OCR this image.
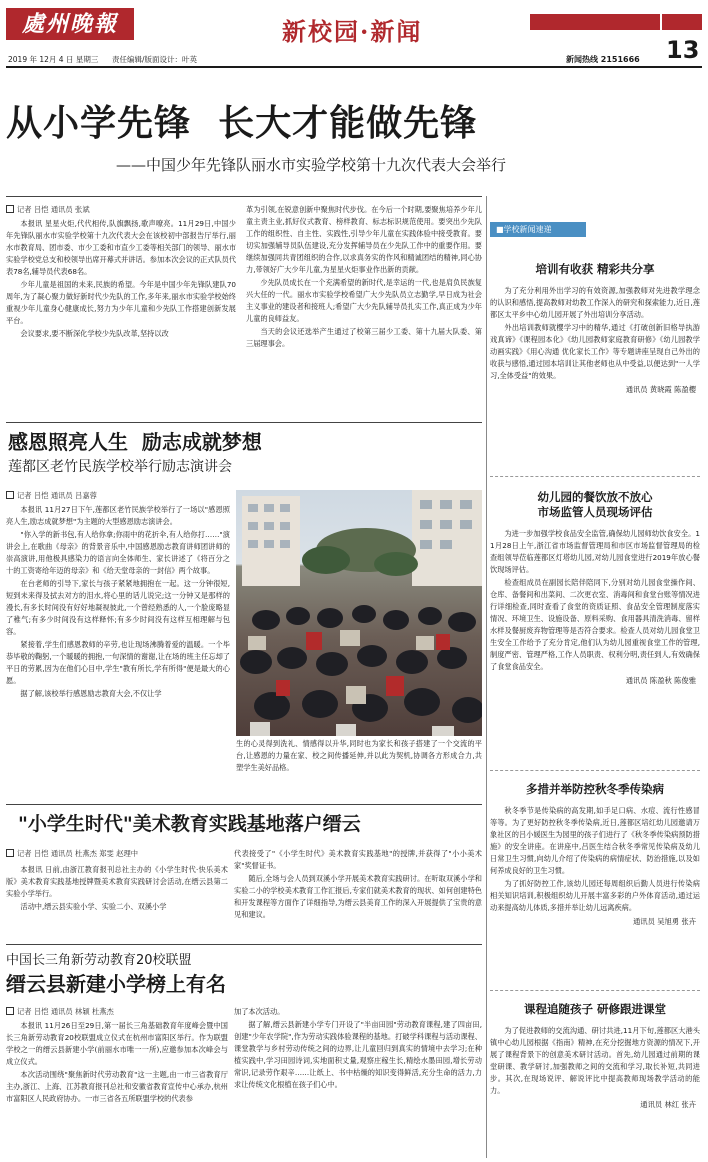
處州晚報	新校园·新闻
13
2019 年 12月 4 日 星期三 责任编辑/版面设计：叶英	新闻热线 2151666
从小学先锋  长大才能做先锋
——中国少年先锋队丽水市实验学校第十九次代表大会举行
记者 吕恺 通讯员 张斌

本报讯 星星火炬,代代相传,队旗飘扬,歌声嘹亮。11月29日,中国少年先锋队丽水市实验学校第十九次代表大会在该校初中部报告厅举行,丽水市教育局、团市委、市少工委和市直少工委等相关部门的领导、丽水市实验学校党总支和校领导出席开幕式并讲话。参加本次会议的正式队员代表78名,辅导员代表68名。

少年儿童是祖国的未来,民族的希望。今年是中国少年先锋队建队70周年,为了凝心聚力做好新时代少先队的工作,多年来,丽水市实验学校始终重视少年儿童身心健康成长,努力为少年儿童和少先队工作搭建创新发展平台。

会议要求,要不断深化学校少先队改革,坚持以改

革为引领,在锐意创新中聚焦时代步伐。在今后一个时期,要聚焦培养少年儿童主责主业,抓好仪式教育、榜样教育、标志标识规范使用。要突出少先队工作的组织性、自主性、实践性,引导少年儿童在实践体验中接受教育。要切实加强辅导员队伍建设,充分发挥辅导员在少先队工作中的重要作用。要继续加强同共青团组织的合作,以求真务实的作风和精诚团结的精神,同心协力,带领好广大少年儿童,为星星火炬事业作出新的贡献。

少先队员成长在一个充满希望的新时代,是幸运的一代,也是肩负民族复兴大任的一代。丽水市实验学校希望广大少先队员立志勤学,早日成为社会主义事业的建设者和接班人;希望广大少先队辅导员扎实工作,真正成为少年儿童的良师益友。

当天的会议还选举产生通过了校第三届少工委、第十九届大队委、第三届理事会。

感恩照亮人生  励志成就梦想
莲都区老竹民族学校举行励志演讲会
记者 吕恺 通讯员 吕嘉蓉

本报讯 11月27日下午,莲都区老竹民族学校举行了一场以"感恩照亮人生,励志成就梦想"为主题的大型感恩励志演讲会。

"你入学的新书包,有人给你拿;你雨中的花折伞,有人给你打……"演讲会上,在歌曲《母亲》的背景音乐中,中国感恩励志教育讲师团讲师的崇高演讲,用他极具感染力的语言向全体师生、家长讲述了《将百分之十的工资寄给年迈的母亲》和《给天堂母亲的一封信》两个故事。

在台老师的引导下,家长与孩子紧紧地拥抱在一起。这一分钟很短,短到未来得及拭去对方的泪水,将心里的话儿说完;这一分钟又是那样的漫长,有多长时间没有好好地凝视彼此,一个曾经熟悉的人,一个脸庞略显了稚气;有多少时间没有这样释怀;有多少时间没有这样互相理解与包容。

紧接着,学生们感恩教师的辛劳,也让现场沸腾着爱的温暖。一个毕恭毕敬的鞠躬,一个暖暖的拥抱,一句深情的谢谢,让在场的班主任忘却了平日的劳累,因为在他们心目中,学生"教有所长,学有所得"便是最大的心愿。

据了解,该校举行感恩励志教育大会,不仅让学

生的心灵得到洗礼、情感得以升华,同时也为家长和孩子搭建了一个交流的平台,让感恩的力量在家、校之间传播延伸,并以此为契机,协调各方形成合力,共塑学生美好品格。

"小学生时代"美术教育实践基地落户缙云
记者 吕恺 通讯员 杜燕杰 郑雯 赵理中

本报讯 日前,由浙江教育报刊总社主办的《小学生时代·快乐美术版》美术教育实践基地授牌暨美术教育实践研讨会活动,在缙云县第二实验小学举行。

活动中,缙云县实验小学、实验二小、双溪小学

代表接受了"《小学生时代》美术教育实践基地"的授牌,并获得了"小小美术家"奖督证书。

随后,全场与会人员到双溪小学开展美术教育实践研讨。在听取双溪小学和实验二小的学校美术教育工作汇报后,专家们就美术教育的现状、如何创建特色和开发课程等方面作了详细指导,为缙云县美育工作的深入开展提供了宝贵的意见和建议。

中国长三角新劳动教育20校联盟
缙云县新建小学榜上有名
记者 吕恺 通讯员 林颖 杜燕杰

本报讯 11月26日至29日,第一届长三角基础教育年度峰会暨中国长三角新劳动教育20校联盟成立仪式在杭州市富阳区举行。作为联盟学校之一的缙云县新建小学(前丽水市唯一一所),应邀参加本次峰会与成立仪式。

本次活动围绕"聚焦新时代劳动教育"这一主题,由一市三省教育厅主办,浙江、上海、江苏教育报刊总社和安徽省教育宣传中心承办,杭州市富阳区人民政府协办。一市三省各五所联盟学校的代表参

加了本次活动。

据了解,缙云县新建小学专门开设了"半亩田园"劳动教育课程,建了四亩田,创建"少年农学院",作为劳动实践体验课程的基地。打破学科课程与活动课程、课堂教学与乡村劳动传统之间的边界,让儿童回归到真实的情境中去学习;在种植实践中,学习田园诗词,实地面积丈量,观察庄稼生长,精绘水墨田园,增长劳动常识,记录劳作艰辛……让纸上、书中枯燥的知识变得鲜活,充分生命的活力,力求让传统文化根植在孩子们心中。

■学校新闻速递
培训有收获 精彩共分享

为了充分利用外出学习的有效资源,加强教师对先进教学理念的认识和感悟,提高教师对幼教工作深入的研究和探索能力,近日,莲都区太平乡中心幼儿园开展了外出培训分享活动。

外出培训教师就樱学习中的精华,通过《打破创新旧格导执游戏真谛》《课程园本化》《幼儿园教师家庭教育研修》《幼儿园教学动画实践》《用心沟通 优化家长工作》等专题讲座呈现自己外出的收获与感悟,通过园本培训让其他老师也从中受益,以便达到"一人学习,全体受益"的效果。

通讯员 黄晓霞 陈盈樱
幼儿园的餐饮放不放心
市场监管人员现场评估

为进一步加强学校食品安全监管,确保幼儿园师幼饮食安全。11月28日上午,浙江省市场监督管理局和市区市场监督管理局的检查组领导莅临莲都区灯塔幼儿园,对幼儿园食堂进行2019年放心餐饮现场评估。

检查组成员在副园长陪伴陪同下,分别对幼儿园食堂操作间、仓库、备餐间和出菜间、二次更衣室、消毒间和食堂台账等情况进行详细检查,同时查看了食堂的资质证照、食品安全管理制度落实情况、环境卫生、设施设备、原料采购、食用器具清洗消毒、留样水样及餐厨废弃物管理等是否符合要求。检查人员对幼儿园食堂卫生安全工作给予了充分肯定,他们认为幼儿园重视食堂工作的管理,制度严密、管理严格,工作人员职责、权利分明,责任到人,有效确保了食堂食品安全。

通讯员 陈盈秋 陈俊雅
多措并举防控秋冬季传染病

秋冬季节是传染病的高发期,如手足口病、水痘、流行性感冒等等。为了更好防控秋冬季传染病,近日,莲都区培红幼儿园邀请万象社区的吕小媛医生为园里的孩子们进行了《秋冬季传染病预防措施》的安全讲座。在讲座中,吕医生结合秋冬季常见传染病及幼儿日常卫生习惯,向幼儿介绍了传染病的病情症状、防治措施,以及如何养成良好的卫生习惯。

为了抓好防控工作,该幼儿园还每周组织后勤人员进行传染病相关知识培训,积极组织幼儿开展丰富多彩的户外体育活动,通过运动来提高幼儿体质,多措并举让幼儿远离疾病。

通讯员 吴旭勇 张卉
课程追随孩子 研修跟进课堂

为了促进教师的交流沟通、研讨共进,11月下旬,莲都区大港头镇中心幼儿园根据《指南》精神,在充分挖掘地方资源的情况下,开展了课程背景下的创意美术研讨活动。首先,幼儿园通过前期的课堂研课、教学研讨,加强教师之间的交流和学习,取长补短,共同进步。其次,在现场说评、解说评比中提高教师现场教学活动的能力。

通讯员 林红 张卉
